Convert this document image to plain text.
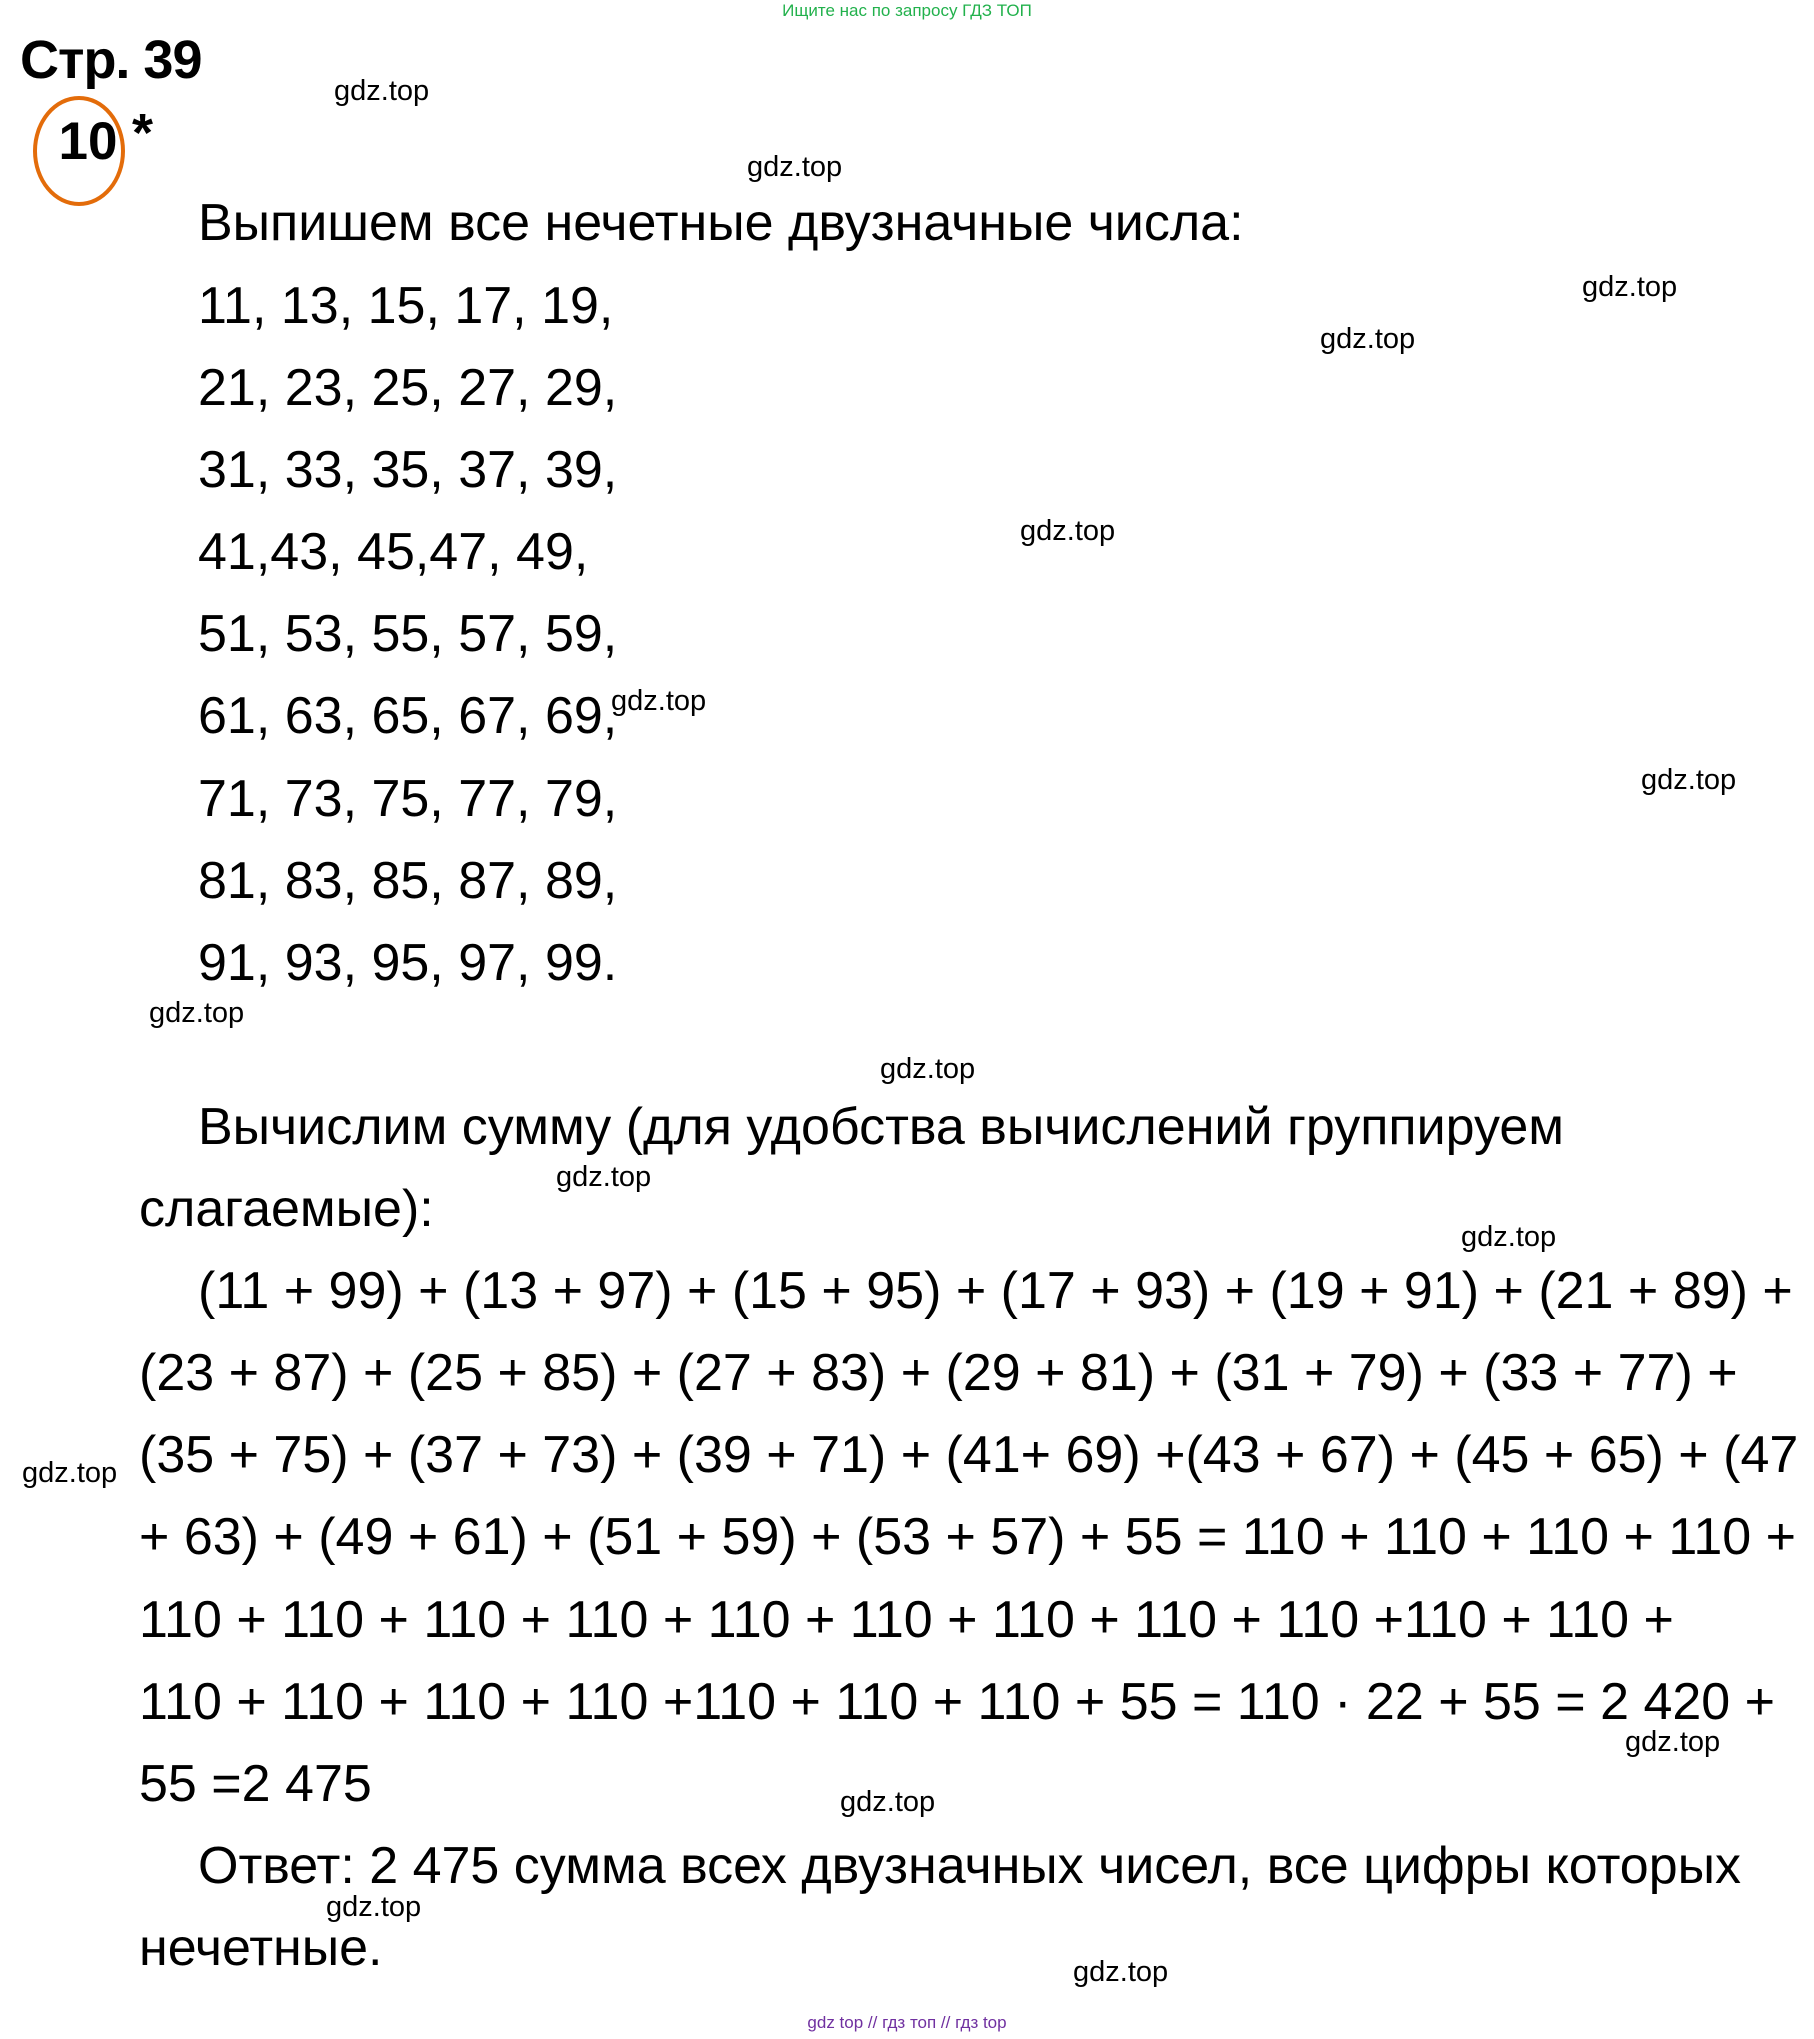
Ищите нас по запросу ГДЗ ТОП
Стр. 39
10 *
Выпишем все нечетные двузначные числа:
11, 13, 15, 17, 19,
21, 23, 25, 27, 29,
31, 33, 35, 37, 39,
41,43, 45,47, 49,
51, 53, 55, 57, 59,
61, 63, 65, 67, 69,
71, 73, 75, 77, 79,
81, 83, 85, 87, 89,
91, 93, 95, 97, 99.
Вычислим сумму (для удобства вычислений группируем
слагаемые):
(11 + 99) + (13 + 97) + (15 + 95) + (17 + 93) + (19 + 91) + (21 + 89) +
(23 + 87) + (25 + 85) + (27 + 83) + (29 + 81) + (31 + 79) + (33 + 77) +
(35 + 75) + (37 + 73) + (39 + 71) + (41+ 69) +(43 + 67) + (45 + 65) + (47
+ 63) + (49 + 61) + (51 + 59) + (53 + 57) + 55 = 110 + 110 + 110 + 110 +
110 + 110 + 110 + 110 + 110 + 110 + 110 + 110 + 110 +110 + 110 +
110 + 110 + 110 + 110 +110 + 110 + 110 + 55 = 110 · 22 + 55 = 2 420 +
55 =2 475
Ответ: 2 475 сумма всех двузначных чисел, все цифры которых
нечетные.
gdz.top
gdz.top
gdz.top
gdz.top
gdz.top
gdz.top
gdz.top
gdz.top
gdz.top
gdz.top
gdz.top
gdz.top
gdz.top
gdz.top
gdz.top
gdz.top
gdz top // гдз топ // гдз top
